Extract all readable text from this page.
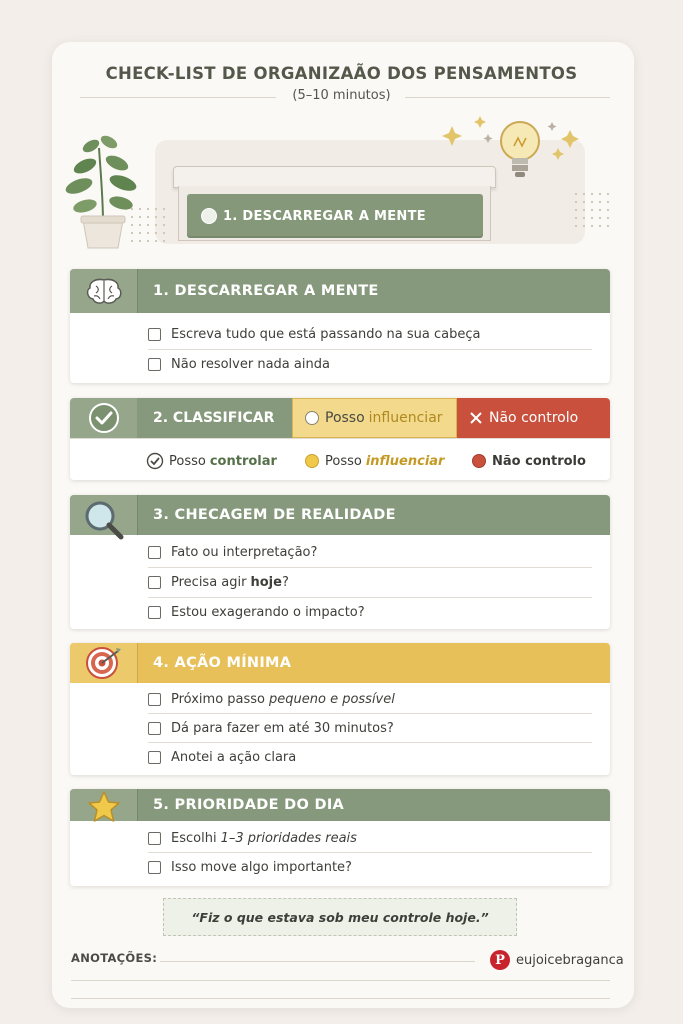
CHECK-LIST DE ORGANIZAÃO DOS PENSAMENTOS
(5–10 minutos)
1. DESCARREGAR A MENTE
1. DESCARREGAR A MENTE
Escreva tudo que está passando na sua cabeça
Não resolver nada ainda
2. CLASSIFICAR	Posso influenciar	Não controlo
Posso controlar	Posso influenciar	Não controlo
3. CHECAGEM DE REALIDADE
Fato ou interpretação?
Precisa agir hoje ?
Estou exagerando o impacto?
4. AÇÃO MÍNIMA
Próximo passo pequeno e possível
Dá para fazer em até 30 minutos?
Anotei a ação clara
5. PRIORIDADE DO DIA
Escolhi 1–3 prioridades reais
Isso move algo importante?
“Fiz o que estava sob meu controle hoje.”
ANOTAÇÕES:	P eujoicebraganca
